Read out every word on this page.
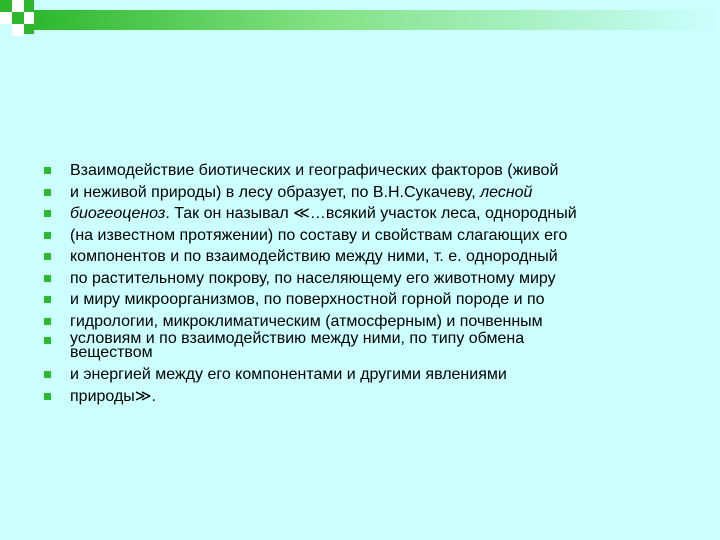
Взаимодействие биотических и географических факторов (живой
и неживой природы) в лесу образует, по В.Н.Сукачеву, лесной
биогеоценоз. Так он называл ≪…всякий участок леса, однородный
(на известном протяжении) по составу и свойствам слагающих его
компонентов и по взаимодействию между ними, т. е. однородный
по растительному покрову, по населяющему его животному миру
и миру микроорганизмов, по поверхностной горной породе и по
гидрологии, микроклиматическим (атмосферным) и почвенным
условиям и по взаимодействию между ними, по типу обмена веществом
и энергией между его компонентами и другими явлениями
природы≫.
